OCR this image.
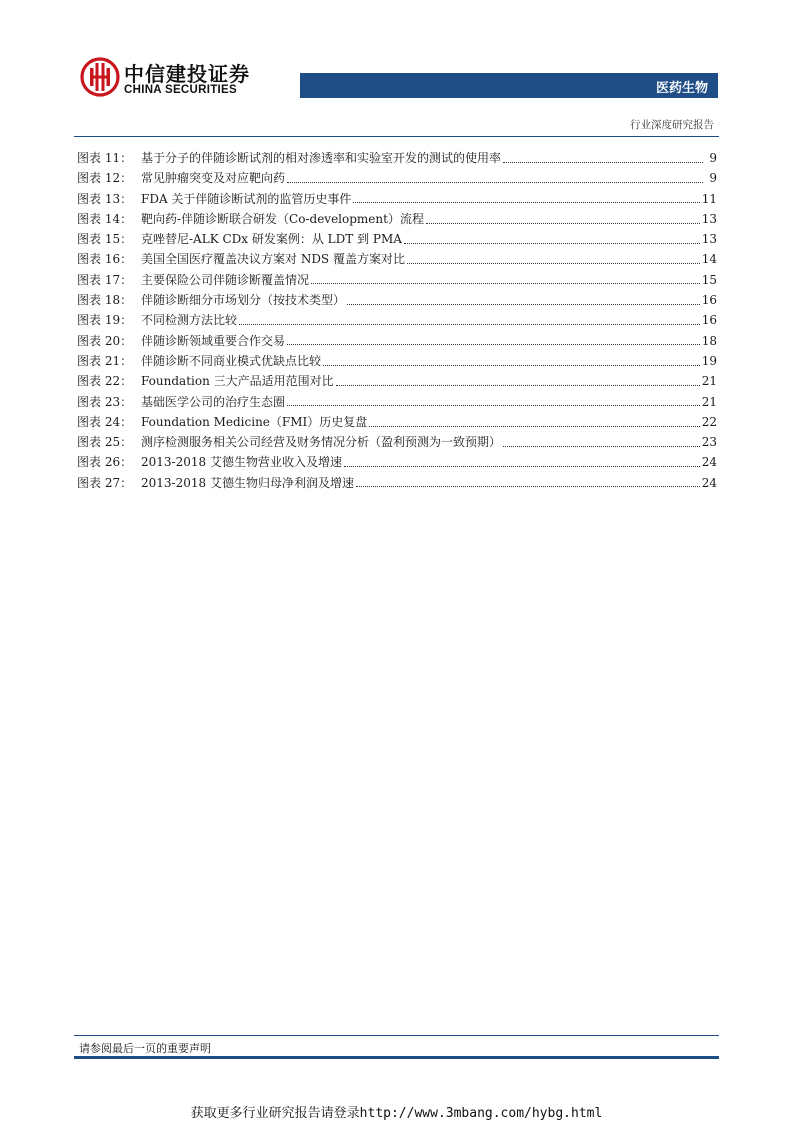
中信建投证券
CHINA SECURITIES	医药生物
行业深度研究报告
图表 11： 基于分子的伴随诊断试剂的相对渗透率和实验室开发的测试的使用率	9
图表 12： 常见肿瘤突变及对应靶向药	9
图表 13： FDA 关于伴随诊断试剂的监管历史事件	11
图表 14： 靶向药-伴随诊断联合研发（Co-development）流程	13
图表 15： 克唑替尼-ALK CDx 研发案例：从 LDT 到 PMA	13
图表 16： 美国全国医疗覆盖决议方案对 NDS 覆盖方案对比	14
图表 17： 主要保险公司伴随诊断覆盖情况	15
图表 18： 伴随诊断细分市场划分（按技术类型）	16
图表 19： 不同检测方法比较	16
图表 20： 伴随诊断领域重要合作交易	18
图表 21： 伴随诊断不同商业模式优缺点比较	19
图表 22： Foundation 三大产品适用范围对比	21
图表 23： 基础医学公司的治疗生态圈	21
图表 24： Foundation Medicine（FMI）历史复盘	22
图表 25： 测序检测服务相关公司经营及财务情况分析（盈利预测为一致预期）	23
图表 26： 2013-2018 艾德生物营业收入及增速	24
图表 27： 2013-2018 艾德生物归母净利润及增速	24
请参阅最后一页的重要声明
获取更多行业研究报告请登录http://www.3mbang.com/hybg.html
